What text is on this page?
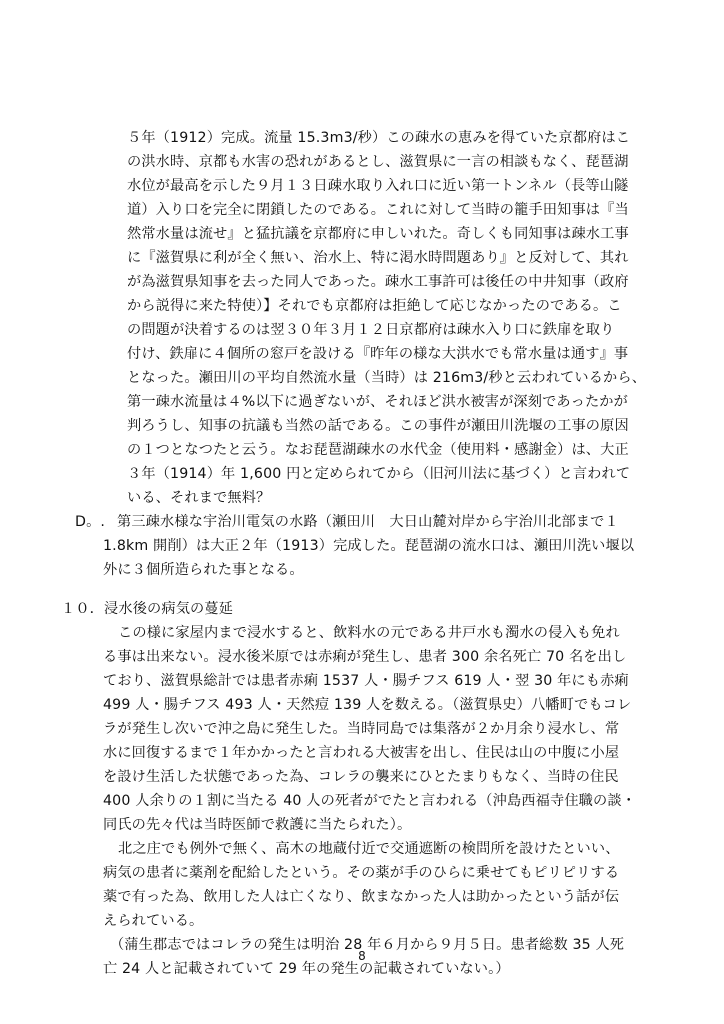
５年（1912）完成。流量 15.3m3/秒）この疎水の恵みを得ていた京都府はこ
の洪水時、京都も水害の恐れがあるとし、滋賀県に一言の相談もなく、琵琶湖
水位が最高を示した９月１３日疎水取り入れ口に近い第一トンネル（長等山隧
道）入り口を完全に閉鎖したのである。これに対して当時の籠手田知事は『当
然常水量は流せ』と猛抗議を京都府に申しいれた。奇しくも同知事は疎水工事
に『滋賀県に利が全く無い、治水上、特に渇水時問題あり』と反対して、其れ
が為滋賀県知事を去った同人であった。疎水工事許可は後任の中井知事（政府
から説得に来た特使）】それでも京都府は拒絶して応じなかったのである。こ
の問題が決着するのは翌３０年３月１２日京都府は疎水入り口に鉄扉を取り
付け、鉄扉に４個所の窓戸を設ける『昨年の様な大洪水でも常水量は通す』事
となった。瀬田川の平均自然流水量（当時）は 216m3/秒と云われているから、
第一疎水流量は４%以下に過ぎないが、それほど洪水被害が深刻であったかが
判ろうし、知事の抗議も当然の話である。この事件が瀬田川洗堰の工事の原因
の１つとなつたと云う。なお琵琶湖疎水の水代金（使用料・感謝金）は、大正
３年（1914）年 1,600 円と定められてから（旧河川法に基づく）と言われて
いる、それまで無料？
D。. 第三疎水様な宇治川電気の水路（瀬田川　大日山麓対岸から宇治川北部まで１
1.8km 開削）は大正２年（1913）完成した。琵琶湖の流水口は、瀬田川洗い堰以
外に３個所造られた事となる。
１０．浸水後の病気の蔓延
この様に家屋内まで浸水すると、飲料水の元である井戸水も濁水の侵入も免れ
る事は出来ない。浸水後米原では赤痢が発生し、患者 300 余名死亡 70 名を出し
ており、滋賀県総計では患者赤痢 1537 人・腸チフス 619 人・翌 30 年にも赤痢
499 人・腸チフス 493 人・天然痘 139 人を数える。（滋賀県史）八幡町でもコレ
ラが発生し次いで沖之島に発生した。当時同島では集落が２か月余り浸水し、常
水に回復するまで１年かかったと言われる大被害を出し、住民は山の中腹に小屋
を設け生活した状態であった為、コレラの襲来にひとたまりもなく、当時の住民
400 人余りの１割に当たる 40 人の死者がでたと言われる（沖島西福寺住職の談・
同氏の先々代は当時医師で救護に当たられた）。
北之庄でも例外で無く、高木の地蔵付近で交通遮断の検問所を設けたといい、
病気の患者に薬剤を配給したという。その薬が手のひらに乗せてもピリピリする
薬で有った為、飲用した人は亡くなり、飲まなかった人は助かったという話が伝
えられている。
（蒲生郡志ではコレラの発生は明治 28 年６月から９月５日。患者総数 35 人死
亡 24 人と記載されていて 29 年の発生の記載されていない。）
8
